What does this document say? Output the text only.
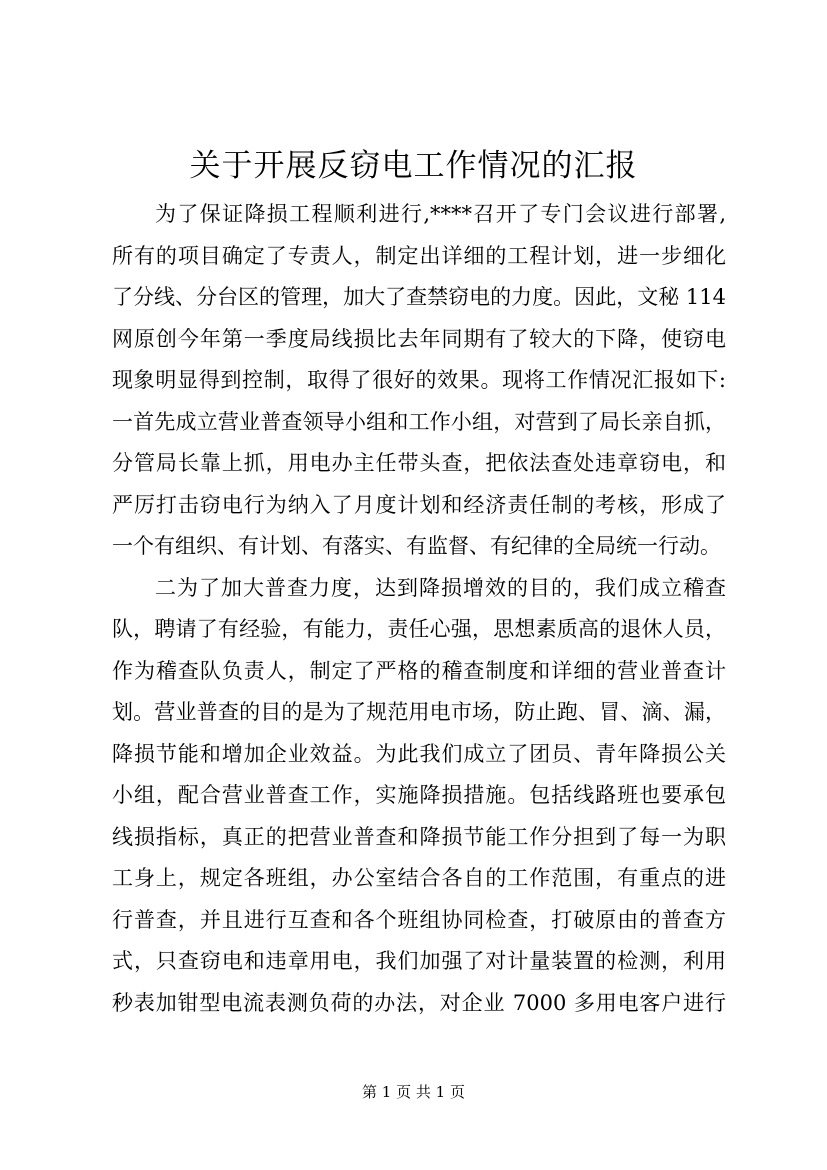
关于开展反窃电工作情况的汇报
为了保证降损工程顺利进行,****召开了专门会议进行部署,
所有的项目确定了专责人，制定出详细的工程计划，进一步细化
了分线、分台区的管理，加大了查禁窃电的力度。因此，文秘 114
网原创今年第一季度局线损比去年同期有了较大的下降，使窃电
现象明显得到控制，取得了很好的效果。现将工作情况汇报如下:
一首先成立营业普查领导小组和工作小组，对营到了局长亲自抓，
分管局长靠上抓，用电办主任带头查，把依法查处违章窃电，和
严厉打击窃电行为纳入了月度计划和经济责任制的考核，形成了
一个有组织、有计划、有落实、有监督、有纪律的全局统一行动。
二为了加大普查力度，达到降损增效的目的，我们成立稽查
队，聘请了有经验，有能力，责任心强，思想素质高的退休人员，
作为稽查队负责人，制定了严格的稽查制度和详细的营业普查计
划。营业普查的目的是为了规范用电市场，防止跑、冒、滴、漏，
降损节能和增加企业效益。为此我们成立了团员、青年降损公关
小组，配合营业普查工作，实施降损措施。包括线路班也要承包
线损指标，真正的把营业普查和降损节能工作分担到了每一为职
工身上，规定各班组，办公室结合各自的工作范围，有重点的进
行普查，并且进行互查和各个班组协同检查，打破原由的普查方
式，只查窃电和违章用电，我们加强了对计量装置的检测，利用
秒表加钳型电流表测负荷的办法，对企业 7000 多用电客户进行
第 1 页 共 1 页
